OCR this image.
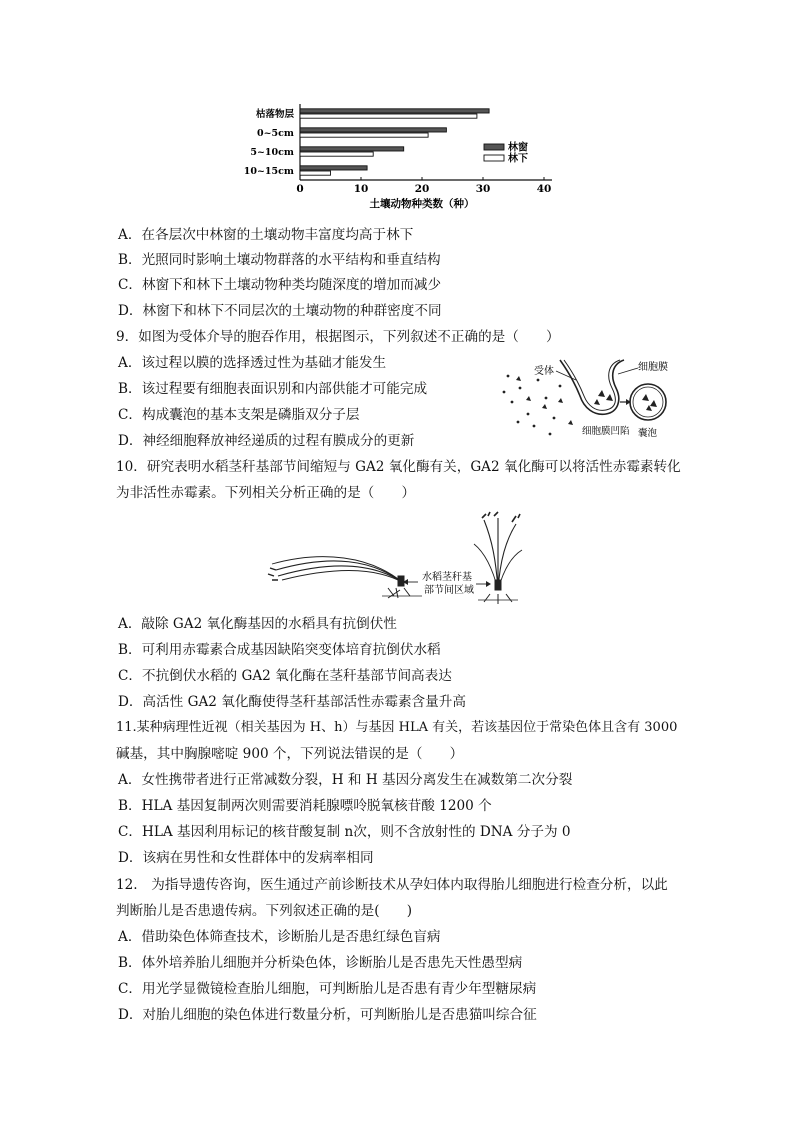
0	10	20	30	40
枯落物层
0~5cm
5~10cm
10~15cm
林窗
林下
土壤动物种类数（种）
A．在各层次中林窗的土壤动物丰富度均高于林下
B．光照同时影响土壤动物群落的水平结构和垂直结构
C．林窗下和林下土壤动物种类均随深度的增加而减少
D．林窗下和林下不同层次的土壤动物的种群密度不同
9．如图为受体介导的胞吞作用，根据图示，下列叙述不正确的是（　　）
A．该过程以膜的选择透过性为基础才能发生
B．该过程要有细胞表面识别和内部供能才可能完成
C．构成囊泡的基本支架是磷脂双分子层
D．神经细胞释放神经递质的过程有膜成分的更新
受体	细胞膜
细胞膜凹陷 囊泡
10．研究表明水稻茎秆基部节间缩短与 GA2 氧化酶有关，GA2 氧化酶可以将活性赤霉素转化
为非活性赤霉素。下列相关分析正确的是（　　）
水稻茎秆基
部节间区域
A．敲除 GA2 氧化酶基因的水稻具有抗倒伏性
B．可利用赤霉素合成基因缺陷突变体培育抗倒伏水稻
C．不抗倒伏水稻的 GA2 氧化酶在茎秆基部节间高表达
D．高活性 GA2 氧化酶使得茎秆基部活性赤霉素含量升高
11.某种病理性近视（相关基因为 H、h）与基因 HLA 有关，若该基因位于常染色体且含有 3000
碱基，其中胸腺嘧啶 900 个，下列说法错误的是（　　）
A．女性携带者进行正常减数分裂，H 和 H 基因分离发生在减数第二次分裂
B．HLA 基因复制两次则需要消耗腺嘌呤脱氧核苷酸 1200 个
C．HLA 基因利用标记的核苷酸复制 n次，则不含放射性的 DNA 分子为 0
D．该病在男性和女性群体中的发病率相同
12.　为指导遗传咨询，医生通过产前诊断技术从孕妇体内取得胎儿细胞进行检查分析，以此
判断胎儿是否患遗传病。下列叙述正确的是(　　)
A．借助染色体筛查技术，诊断胎儿是否患红绿色盲病
B．体外培养胎儿细胞并分析染色体，诊断胎儿是否患先天性愚型病
C．用光学显微镜检查胎儿细胞，可判断胎儿是否患有青少年型糖尿病
D．对胎儿细胞的染色体进行数量分析，可判断胎儿是否患猫叫综合征
